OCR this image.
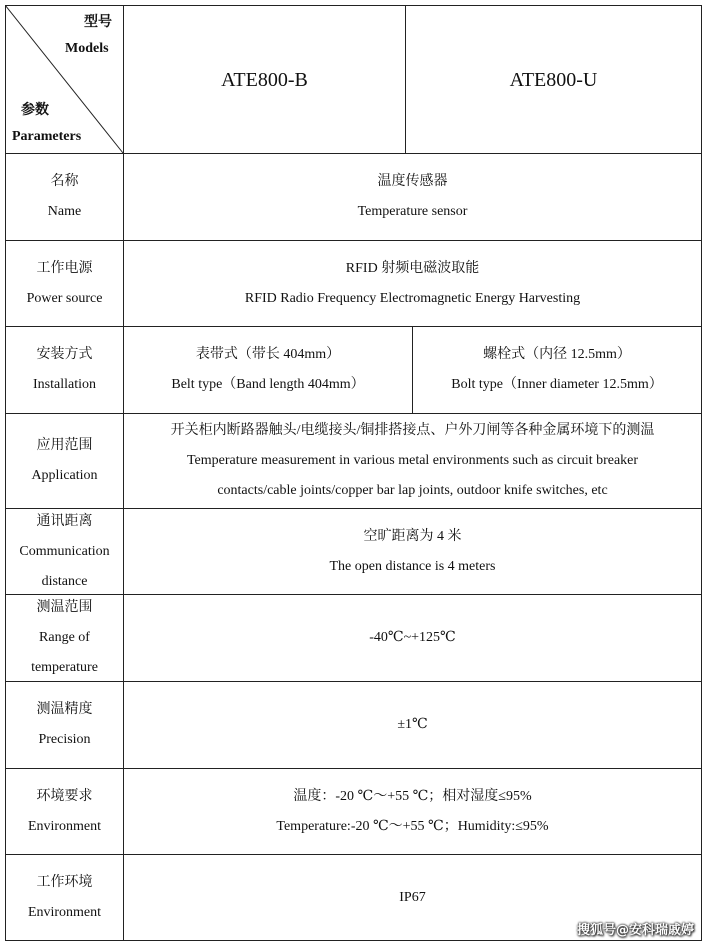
型号
Models
参数
Parameters
ATE800-B	ATE800-U
名称
Name
温度传感器
Temperature sensor
工作电源
Power source
RFID 射频电磁波取能
RFID Radio Frequency Electromagnetic Energy Harvesting
安装方式
Installation
表带式（带长 404mm）
Belt type（Band length 404mm）
螺栓式（内径 12.5mm）
Bolt type（Inner diameter 12.5mm）
应用范围
Application
开关柜内断路器触头/电缆接头/铜排搭接点、户外刀闸等各种金属环境下的测温
Temperature measurement in various metal environments such as circuit breaker
contacts/cable joints/copper bar lap joints, outdoor knife switches, etc
通讯距离
Communication
distance
空旷距离为 4 米
The open distance is 4 meters
测温范围
Range of
temperature
-40℃~+125℃
测温精度
Precision
±1℃
环境要求
Environment
温度：-20 ℃～+55 ℃；相对湿度≤95%
Temperature:-20 ℃～+55 ℃；Humidity:≤95%
工作环境
Environment
IP67
搜狐号@安科瑞戚婷
